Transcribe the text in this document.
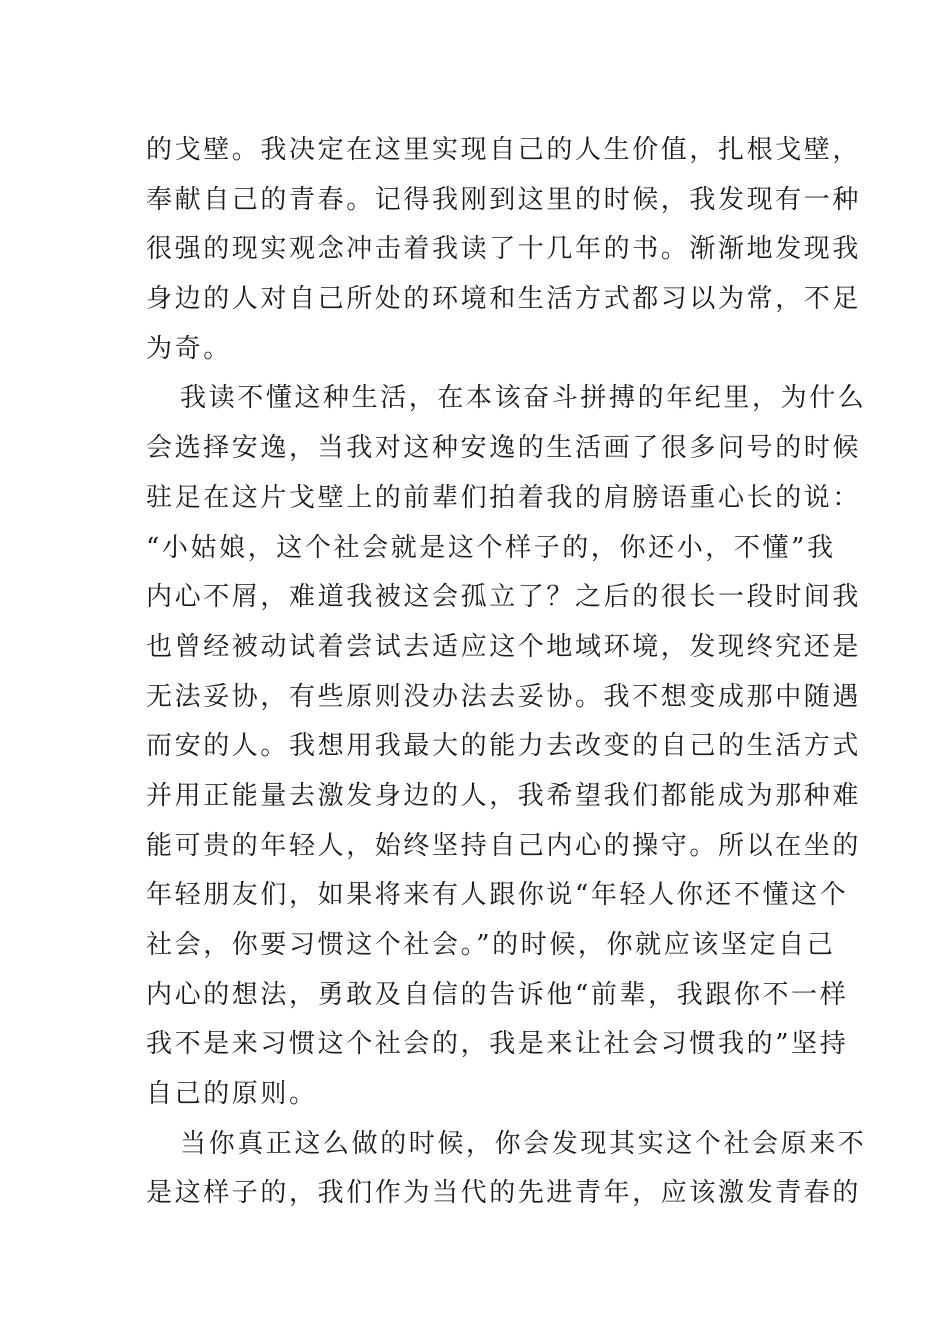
的戈壁。我决定在这里实现自己的人生价值，扎根戈壁，
奉献自己的青春。记得我刚到这里的时候，我发现有一种
很强的现实观念冲击着我读了十几年的书。渐渐地发现我
身边的人对自己所处的环境和生活方式都习以为常，不足
为奇。
我读不懂这种生活，在本该奋斗拼搏的年纪里，为什么
会选择安逸，当我对这种安逸的生活画了很多问号的时候
驻足在这片戈壁上的前辈们拍着我的肩膀语重心长的说：
“小姑娘，这个社会就是这个样子的，你还小，不懂”我
内心不屑，难道我被这会孤立了？之后的很长一段时间我
也曾经被动试着尝试去适应这个地域环境，发现终究还是
无法妥协，有些原则没办法去妥协。我不想变成那中随遇
而安的人。我想用我最大的能力去改变的自己的生活方式
并用正能量去激发身边的人，我希望我们都能成为那种难
能可贵的年轻人，始终坚持自己内心的操守。所以在坐的
年轻朋友们，如果将来有人跟你说“年轻人你还不懂这个
社会，你要习惯这个社会。”的时候，你就应该坚定自己
内心的想法，勇敢及自信的告诉他“前辈，我跟你不一样
我不是来习惯这个社会的，我是来让社会习惯我的”坚持
自己的原则。
当你真正这么做的时候，你会发现其实这个社会原来不
是这样子的，我们作为当代的先进青年，应该激发青春的
